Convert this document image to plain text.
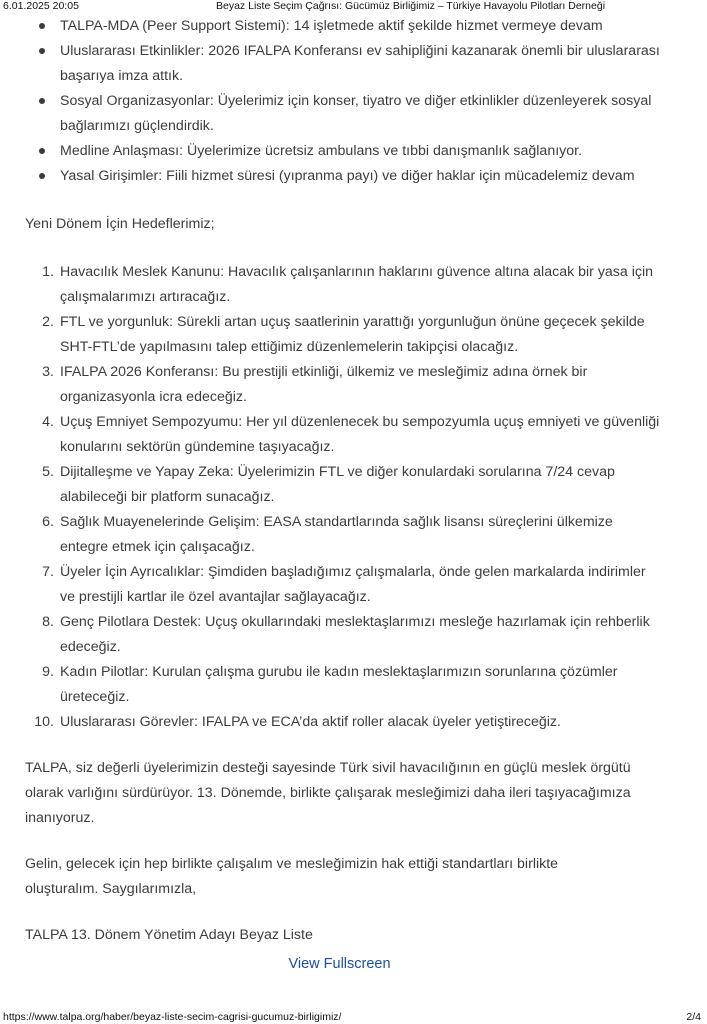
6.01.2025 20:05	Beyaz Liste Seçim Çağrısı: Gücümüz Birliğimiz – Türkiye Havayolu Pilotları Derneği
TALPA-MDA (Peer Support Sistemi): 14 işletmede aktif şekilde hizmet vermeye devam
Uluslararası Etkinlikler: 2026 IFALPA Konferansı ev sahipliğini kazanarak önemli bir uluslararası başarıya imza attık.
Sosyal Organizasyonlar: Üyelerimiz için konser, tiyatro ve diğer etkinlikler düzenleyerek sosyal bağlarımızı güçlendirdik.
Medline Anlaşması: Üyelerimize ücretsiz ambulans ve tıbbi danışmanlık sağlanıyor.
Yasal Girişimler: Fiili hizmet süresi (yıpranma payı) ve diğer haklar için mücadelemiz devam

Yeni Dönem İçin Hedeflerimiz;

1. Havacılık Meslek Kanunu: Havacılık çalışanlarının haklarını güvence altına alacak bir yasa için çalışmalarımızı artıracağız.
2. FTL ve yorgunluk: Sürekli artan uçuş saatlerinin yarattığı yorgunluğun önüne geçecek şekilde SHT-FTL’de yapılmasını talep ettiğimiz düzenlemelerin takipçisi olacağız.
3. IFALPA 2026 Konferansı: Bu prestijli etkinliği, ülkemiz ve mesleğimiz adına örnek bir organizasyonla icra edeceğiz.
4. Uçuş Emniyet Sempozyumu: Her yıl düzenlenecek bu sempozyumla uçuş emniyeti ve güvenliği konularını sektörün gündemine taşıyacağız.
5. Dijitalleşme ve Yapay Zeka: Üyelerimizin FTL ve diğer konulardaki sorularına 7/24 cevap alabileceği bir platform sunacağız.
6. Sağlık Muayenelerinde Gelişim: EASA standartlarında sağlık lisansı süreçlerini ülkemize entegre etmek için çalışacağız.
7. Üyeler İçin Ayrıcalıklar: Şimdiden başladığımız çalışmalarla, önde gelen markalarda indirimler ve prestijli kartlar ile özel avantajlar sağlayacağız.
8. Genç Pilotlara Destek: Uçuş okullarındaki meslektaşlarımızı mesleğe hazırlamak için rehberlik edeceğiz.
9. Kadın Pilotlar: Kurulan çalışma gurubu ile kadın meslektaşlarımızın sorunlarına çözümler üreteceğiz.
10. Uluslararası Görevler: IFALPA ve ECA’da aktif roller alacak üyeler yetiştireceğiz.

TALPA, siz değerli üyelerimizin desteği sayesinde Türk sivil havacılığının en güçlü meslek örgütü olarak varlığını sürdürüyor. 13. Dönemde, birlikte çalışarak mesleğimizi daha ileri taşıyacağımıza inanıyoruz.

Gelin, gelecek için hep birlikte çalışalım ve mesleğimizin hak ettiği standartları birlikte oluşturalım. Saygılarımızla,

TALPA 13. Dönem Yönetim Adayı Beyaz Liste

View Fullscreen
https://www.talpa.org/haber/beyaz-liste-secim-cagrisi-gucumuz-birligimiz/	2/4
